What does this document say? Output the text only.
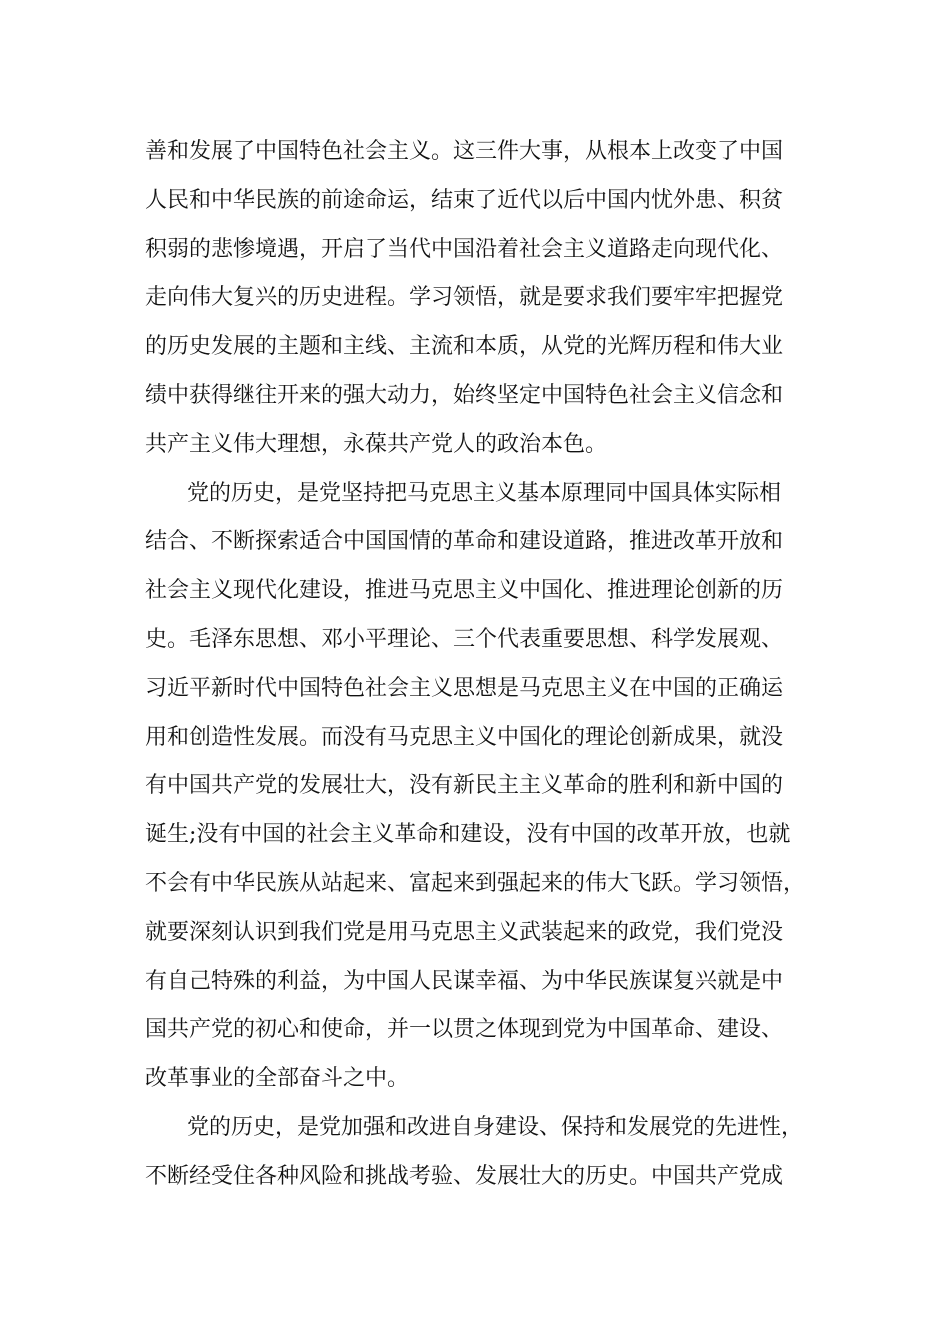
善和发展了中国特色社会主义。这三件大事，从根本上改变了中国
人民和中华民族的前途命运，结束了近代以后中国内忧外患、积贫
积弱的悲惨境遇，开启了当代中国沿着社会主义道路走向现代化、
走向伟大复兴的历史进程。学习领悟，就是要求我们要牢牢把握党
的历史发展的主题和主线、主流和本质，从党的光辉历程和伟大业
绩中获得继往开来的强大动力，始终坚定中国特色社会主义信念和
共产主义伟大理想，永葆共产党人的政治本色。
党的历史，是党坚持把马克思主义基本原理同中国具体实际相
结合、不断探索适合中国国情的革命和建设道路，推进改革开放和
社会主义现代化建设，推进马克思主义中国化、推进理论创新的历
史。毛泽东思想、邓小平理论、三个代表重要思想、科学发展观、
习近平新时代中国特色社会主义思想是马克思主义在中国的正确运
用和创造性发展。而没有马克思主义中国化的理论创新成果，就没
有中国共产党的发展壮大，没有新民主主义革命的胜利和新中国的
诞生;没有中国的社会主义革命和建设，没有中国的改革开放，也就
不会有中华民族从站起来、富起来到强起来的伟大飞跃。学习领悟，
就要深刻认识到我们党是用马克思主义武装起来的政党，我们党没
有自己特殊的利益，为中国人民谋幸福、为中华民族谋复兴就是中
国共产党的初心和使命，并一以贯之体现到党为中国革命、建设、
改革事业的全部奋斗之中。
党的历史，是党加强和改进自身建设、保持和发展党的先进性，
不断经受住各种风险和挑战考验、发展壮大的历史。中国共产党成
